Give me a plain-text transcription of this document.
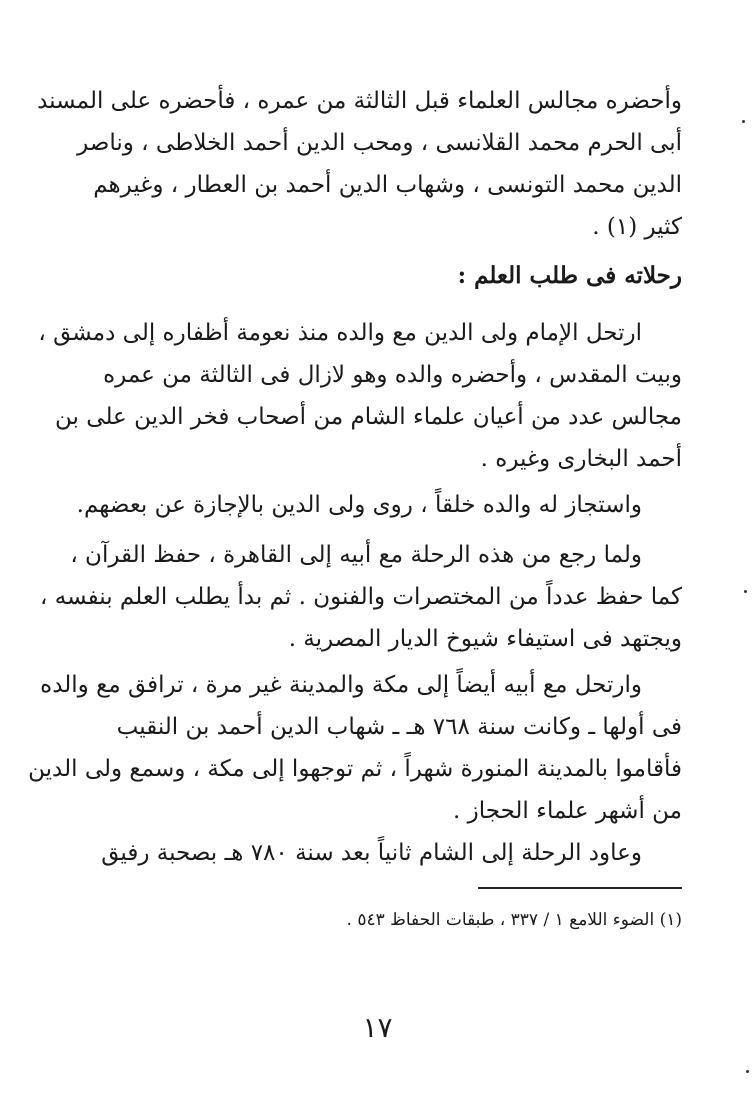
وأحضره مجالس العلماء قبل الثالثة من عمره ، فأحضره على المسند
أبى الحرم محمد القلانسى ، ومحب الدين أحمد الخلاطى ، وناصر
الدين محمد التونسى ، وشهاب الدين أحمد بن العطار ، وغيرهم
كثير (١) .
رحلاته فى طلب العلم :
ارتحل الإمام ولى الدين مع والده منذ نعومة أظفاره إلى دمشق ،
وبيت المقدس ، وأحضره والده وهو لازال فى الثالثة من عمره
مجالس عدد من أعيان علماء الشام من أصحاب فخر الدين على بن
أحمد البخارى وغيره .
واستجاز له والده خلقاً ، روى ولى الدين بالإجازة عن بعضهم.
ولما رجع من هذه الرحلة مع أبيه إلى القاهرة ، حفظ القرآن ،
كما حفظ عدداً من المختصرات والفنون . ثم بدأ يطلب العلم بنفسه ،
ويجتهد فى استيفاء شيوخ الديار المصرية .
وارتحل مع أبيه أيضاً إلى مكة والمدينة غير مرة ، ترافق مع والده
فى أولها ـ وكانت سنة ٧٦٨ هـ ـ شهاب الدين أحمد بن النقيب
فأقاموا بالمدينة المنورة شهراً ، ثم توجهوا إلى مكة ، وسمع ولى الدين
من أشهر علماء الحجاز .
وعاود الرحلة إلى الشام ثانياً بعد سنة ٧٨٠ هـ بصحبة رفيق
(١) الضوء اللامع ١ / ٣٣٧ ، طبقات الحفاظ ٥٤٣ .
١٧
